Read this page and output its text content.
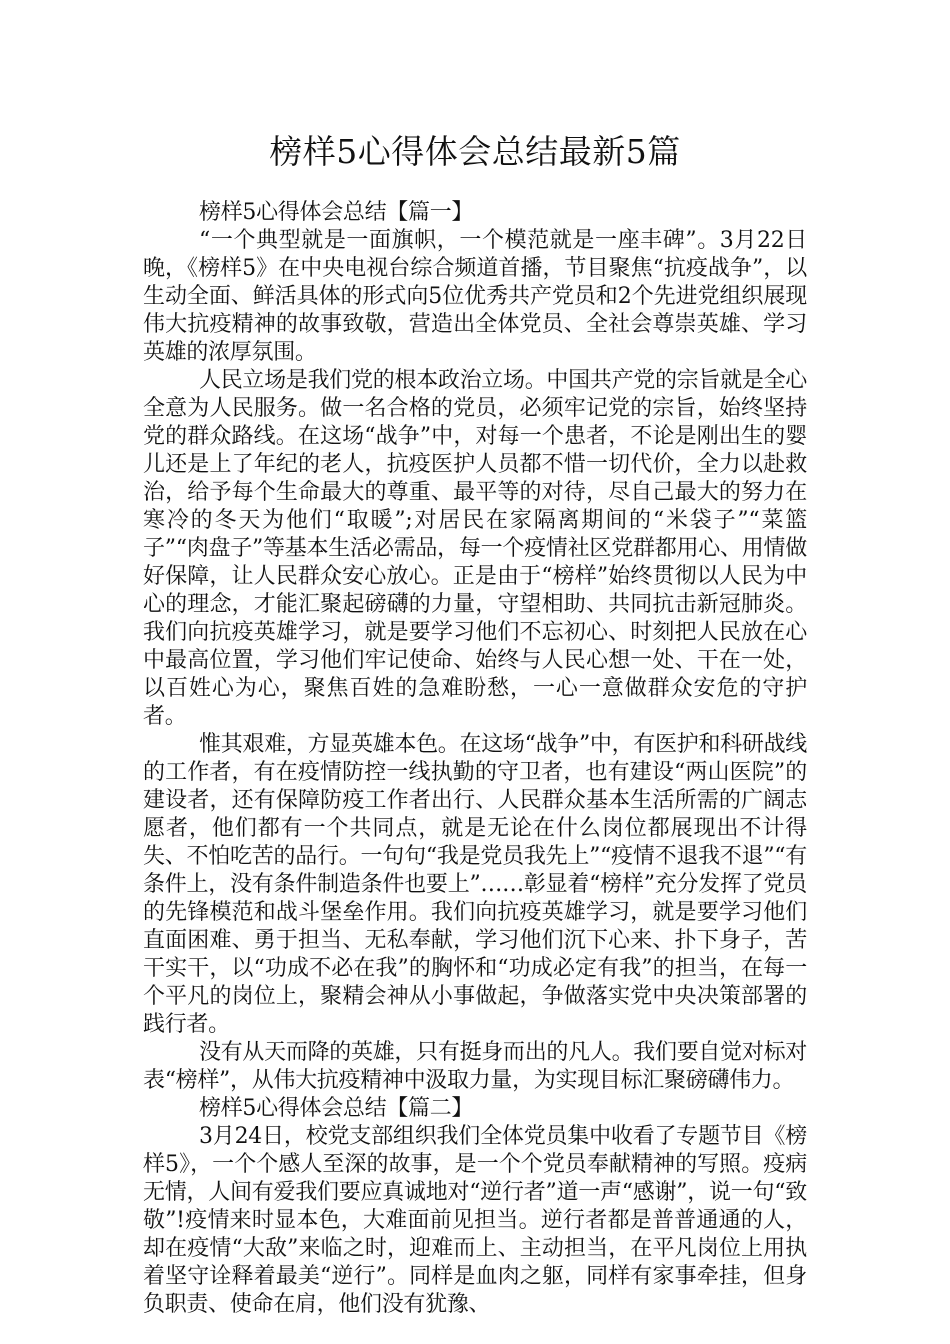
榜样5心得体会总结最新5篇
榜样5心得体会总结【篇一】

“一个典型就是一面旗帜，一个模范就是一座丰碑”。3月22日晚，《榜样5》在中央电视台综合频道首播，节目聚焦“抗疫战争”，以生动全面、鲜活具体的形式向5位优秀共产党员和2个先进党组织展现伟大抗疫精神的故事致敬，营造出全体党员、全社会尊崇英雄、学习英雄的浓厚氛围。

人民立场是我们党的根本政治立场。中国共产党的宗旨就是全心全意为人民服务。做一名合格的党员，必须牢记党的宗旨，始终坚持党的群众路线。在这场“战争”中，对每一个患者，不论是刚出生的婴儿还是上了年纪的老人，抗疫医护人员都不惜一切代价，全力以赴救治，给予每个生命最大的尊重、最平等的对待，尽自己最大的努力在寒冷的冬天为他们“取暖”;对居民在家隔离期间的“米袋子”“菜篮子”“肉盘子”等基本生活必需品，每一个疫情社区党群都用心、用情做好保障，让人民群众安心放心。正是由于“榜样”始终贯彻以人民为中心的理念，才能汇聚起磅礴的力量，守望相助、共同抗击新冠肺炎。我们向抗疫英雄学习，就是要学习他们不忘初心、时刻把人民放在心中最高位置，学习他们牢记使命、始终与人民心想一处、干在一处，以百姓心为心，聚焦百姓的急难盼愁，一心一意做群众安危的守护者。

惟其艰难，方显英雄本色。在这场“战争”中，有医护和科研战线的工作者，有在疫情防控一线执勤的守卫者，也有建设“两山医院”的建设者，还有保障防疫工作者出行、人民群众基本生活所需的广阔志愿者，他们都有一个共同点，就是无论在什么岗位都展现出不计得失、不怕吃苦的品行。一句句“我是党员我先上”“疫情不退我不退”“有条件上，没有条件制造条件也要上”……彰显着“榜样”充分发挥了党员的先锋模范和战斗堡垒作用。我们向抗疫英雄学习，就是要学习他们直面困难、勇于担当、无私奉献，学习他们沉下心来、扑下身子，苦干实干，以“功成不必在我”的胸怀和“功成必定有我”的担当，在每一个平凡的岗位上，聚精会神从小事做起，争做落实党中央决策部署的践行者。

没有从天而降的英雄，只有挺身而出的凡人。我们要自觉对标对表“榜样”，从伟大抗疫精神中汲取力量，为实现目标汇聚磅礴伟力。

榜样5心得体会总结【篇二】

3月24日，校党支部组织我们全体党员集中收看了专题节目《榜样5》，一个个感人至深的故事，是一个个党员奉献精神的写照。疫病无情，人间有爱我们要应真诚地对“逆行者”道一声“感谢”，说一句“致敬”!疫情来时显本色，大难面前见担当。逆行者都是普普通通的人，却在疫情“大敌”来临之时，迎难而上、主动担当，在平凡岗位上用执着坚守诠释着最美“逆行”。同样是血肉之躯，同样有家事牵挂，但身负职责、使命在肩，他们没有犹豫、
